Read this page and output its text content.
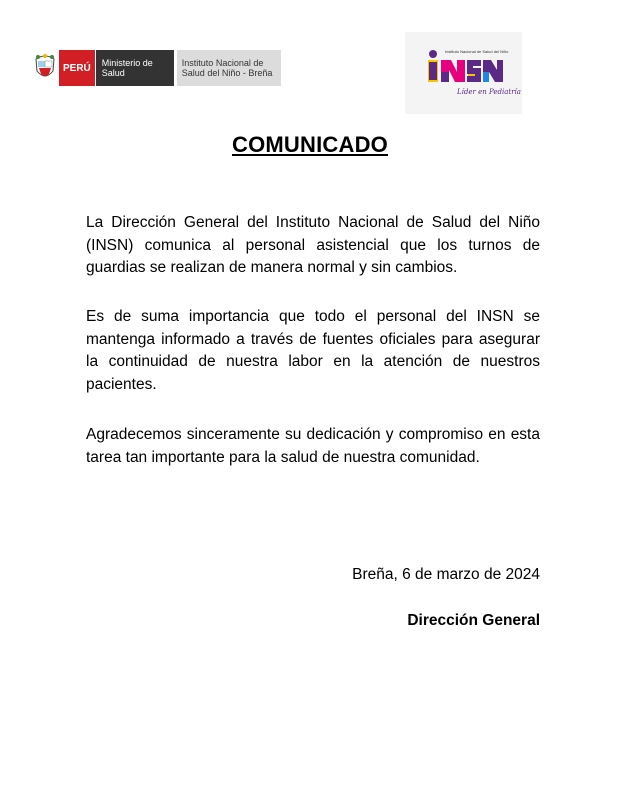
PERÚ	Ministerio de Salud
Instituto Nacional de
Salud del Niño - Breña
Instituto Nacional de Salud del Niño
Líder en Pediatría
COMUNICADO

La Dirección General del Instituto Nacional de Salud del Niño (INSN) comunica al personal asistencial que los turnos de guardias se realizan de manera normal y sin cambios.

Es de suma importancia que todo el personal del INSN se mantenga informado a través de fuentes oficiales para asegurar la continuidad de nuestra labor en la atención de nuestros pacientes.

Agradecemos sinceramente su dedicación y compromiso en esta tarea tan importante para la salud de nuestra comunidad.

Breña, 6 de marzo de 2024
Dirección General
